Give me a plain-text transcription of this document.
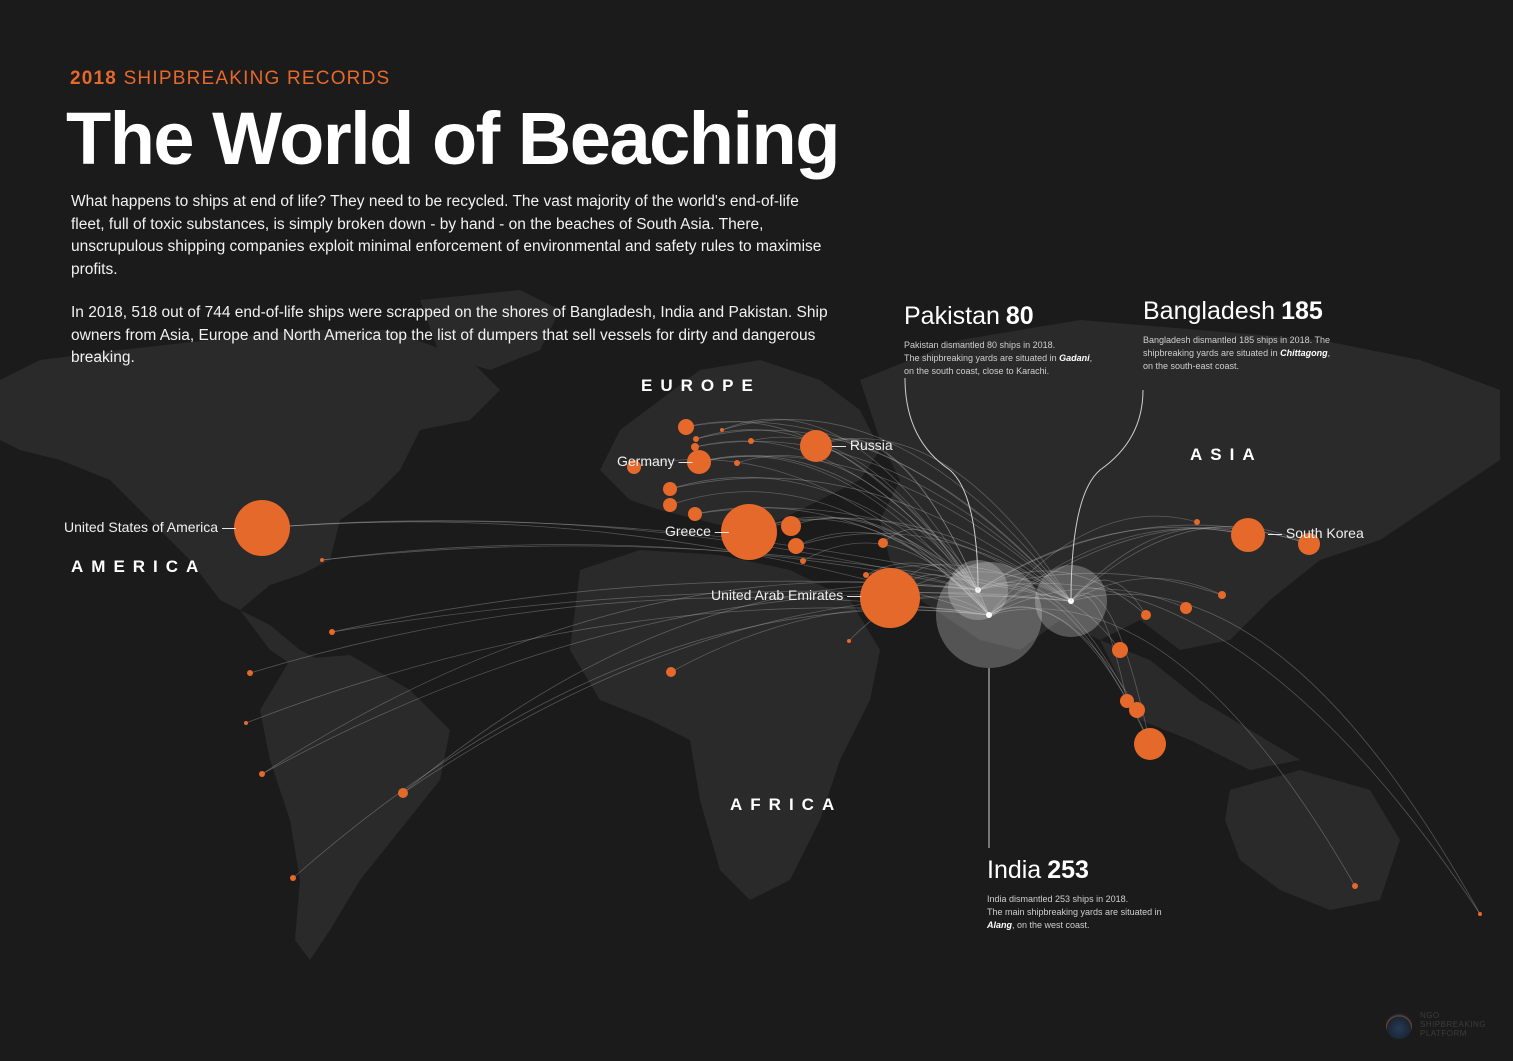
2018 SHIPBREAKING RECORDS
The World of Beaching
What happens to ships at end of life? They need to be recycled. The vast majority of the world's end-of-life fleet, full of toxic substances, is simply broken down - by hand - on the beaches of South Asia. There, unscrupulous shipping companies exploit minimal enforcement of environmental and safety rules to maximise profits.
In 2018, 518 out of 744 end-of-life ships were scrapped on the shores of Bangladesh, India and Pakistan. Ship owners from Asia, Europe and North America top the list of dumpers that sell vessels for dirty and dangerous breaking.
EUROPE
ASIA
AMERICA
AFRICA
United States of America —
Germany —
— Russia
Greece —
United Arab Emirates —
— South Korea
Pakistan 80
Pakistan dismantled 80 ships in 2018.
The shipbreaking yards are situated in Gadani,
on the south coast, close to Karachi.
Bangladesh 185
Bangladesh dismantled 185 ships in 2018. The
shipbreaking yards are situated in Chittagong,
on the south-east coast.
India 253
India dismantled 253 ships in 2018.
The main shipbreaking yards are situated in
Alang, on the west coast.
NGO
SHIPBREAKING
PLATFORM
